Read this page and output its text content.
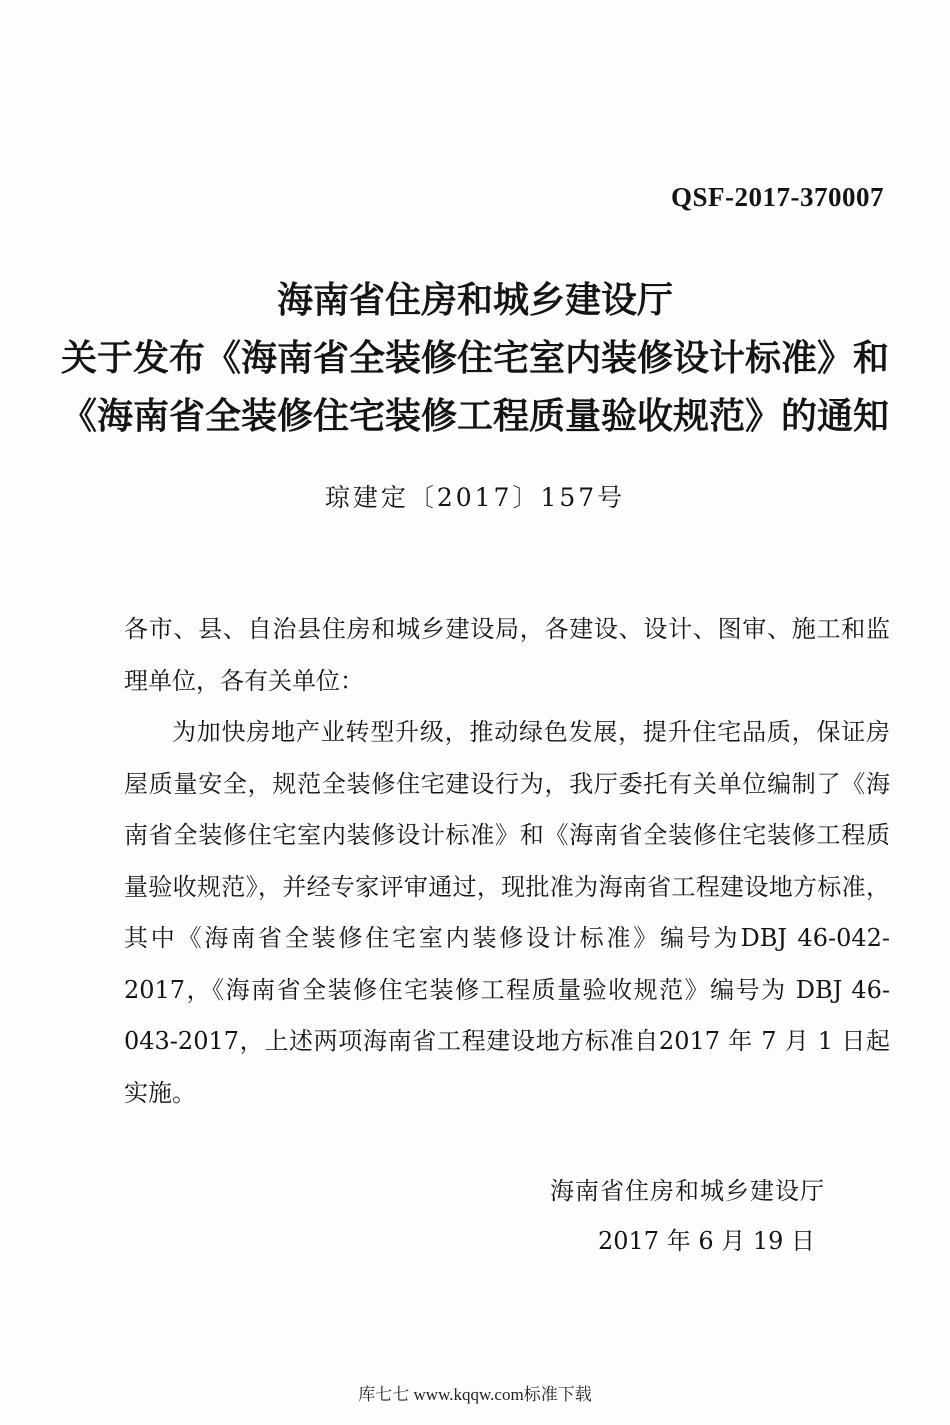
QSF-2017-370007
海南省住房和城乡建设厅
关于发布《海南省全装修住宅室内装修设计标准》和
《海南省全装修住宅装修工程质量验收规范》的通知
琼建定〔2017〕157号

各市、县、自治县住房和城乡建设局，各建设、设计、图审、施工和监理单位，各有关单位：

为加快房地产业转型升级，推动绿色发展，提升住宅品质，保证房屋质量安全，规范全装修住宅建设行为，我厅委托有关单位编制了《海南省全装修住宅室内装修设计标准》和《海南省全装修住宅装修工程质量验收规范》，并经专家评审通过，现批准为海南省工程建设地方标准，其中《海南省全装修住宅室内装修设计标准》编号为DBJ 46-042-2017，《海南省全装修住宅装修工程质量验收规范》编号为 DBJ 46-043-2017，上述两项海南省工程建设地方标准自2017 年 7 月 1 日起实施。

海南省住房和城乡建设厅
2017 年 6 月 19 日
库七七 www.kqqw.com标准下载
